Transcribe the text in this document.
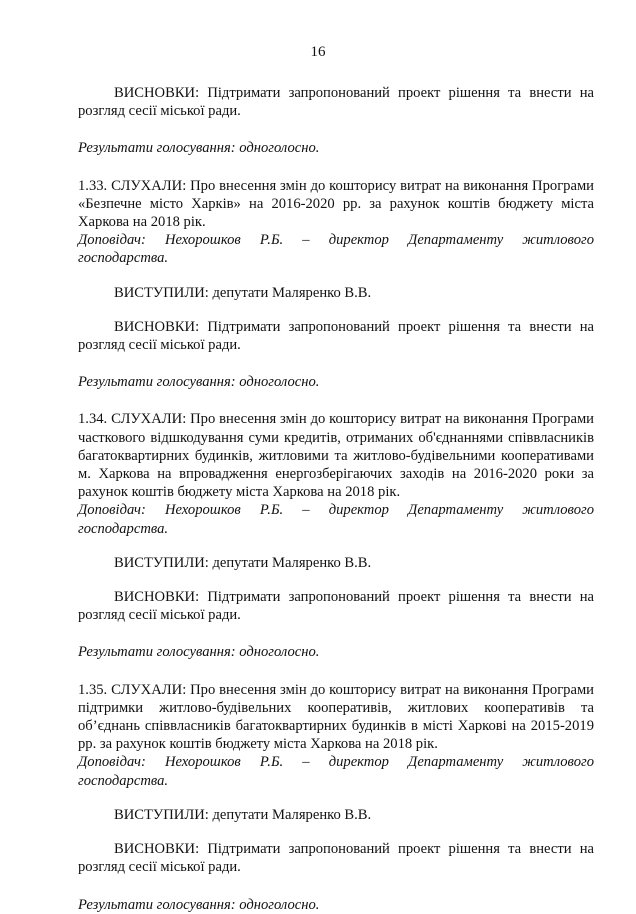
16

ВИСНОВКИ: Підтримати запропонований проект рішення та внести на розгляд сесії міської ради.

Результати голосування: одноголосно.

1.33. СЛУХАЛИ: Про внесення змін до кошторису витрат на виконання Програми «Безпечне місто Харків» на 2016-2020 рр. за рахунок коштів бюджету міста Харкова на 2018 рік.

Доповідач: Нехорошков Р.Б. – директор Департаменту житлового господарства.

ВИСТУПИЛИ: депутати Маляренко В.В.

ВИСНОВКИ: Підтримати запропонований проект рішення та внести на розгляд сесії міської ради.

Результати голосування: одноголосно.

1.34. СЛУХАЛИ: Про внесення змін до кошторису витрат на виконання Програми часткового відшкодування суми кредитів, отриманих об'єднаннями співвласників багатоквартирних будинків, житловими та житлово-будівельними кооперативами м. Харкова на впровадження енергозберігаючих заходів на 2016-2020 роки за рахунок коштів бюджету міста Харкова на 2018 рік.

Доповідач: Нехорошков Р.Б. – директор Департаменту житлового господарства.

ВИСТУПИЛИ: депутати Маляренко В.В.

ВИСНОВКИ: Підтримати запропонований проект рішення та внести на розгляд сесії міської ради.

Результати голосування: одноголосно.

1.35. СЛУХАЛИ: Про внесення змін до кошторису витрат на виконання Програми підтримки житлово-будівельних кооперативів, житлових кооперативів та об’єднань співвласників багатоквартирних будинків в місті Харкові на 2015-2019 рр. за рахунок коштів бюджету міста Харкова на 2018 рік.

Доповідач: Нехорошков Р.Б. – директор Департаменту житлового господарства.

ВИСТУПИЛИ: депутати Маляренко В.В.

ВИСНОВКИ: Підтримати запропонований проект рішення та внести на розгляд сесії міської ради.

Результати голосування: одноголосно.
